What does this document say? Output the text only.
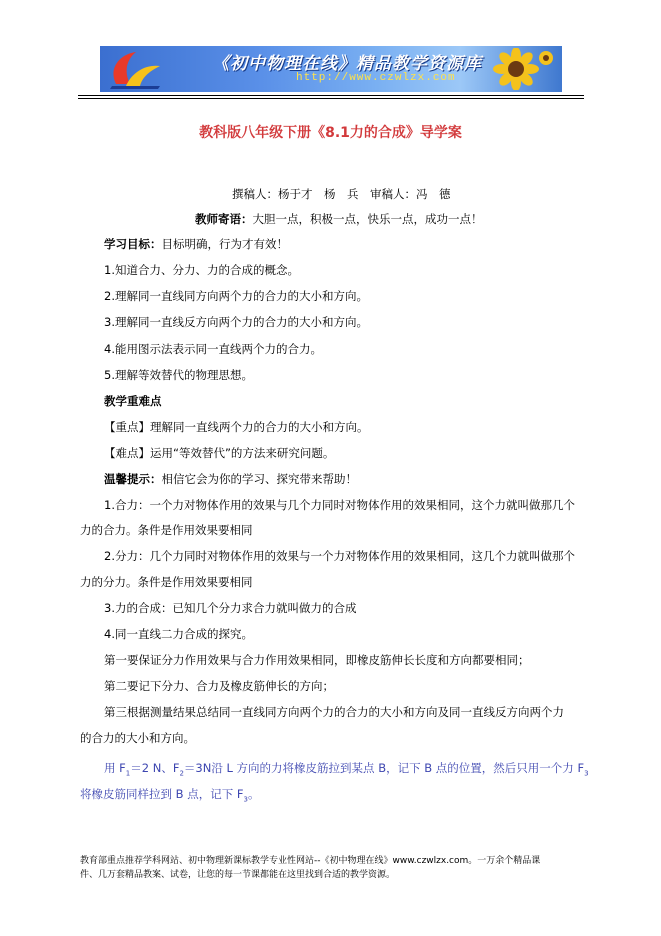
《初中物理在线》精品教学资源库
http://www.czwlzx.com
教科版八年级下册《8.1力的合成》导学案
撰稿人：杨于才　杨　兵　审稿人：冯　德
教师寄语：大胆一点，积极一点，快乐一点，成功一点！
学习目标：目标明确，行为才有效！
1.知道合力、分力、力的合成的概念。
2.理解同一直线同方向两个力的合力的大小和方向。
3.理解同一直线反方向两个力的合力的大小和方向。
4.能用图示法表示同一直线两个力的合力。
5.理解等效替代的物理思想。
教学重难点
【重点】理解同一直线两个力的合力的大小和方向。
【难点】运用“等效替代”的方法来研究问题。
温馨提示：相信它会为你的学习、探究带来帮助！
1.合力：一个力对物体作用的效果与几个力同时对物体作用的效果相同，这个力就叫做那几个
力的合力。条件是作用效果要相同
2.分力：几个力同时对物体作用的效果与一个力对物体作用的效果相同，这几个力就叫做那个
力的分力。条件是作用效果要相同
3.力的合成：已知几个分力求合力就叫做力的合成
4.同一直线二力合成的探究。
第一要保证分力作用效果与合力作用效果相同，即橡皮筋伸长长度和方向都要相同；
第二要记下分力、合力及橡皮筋伸长的方向；
第三根据测量结果总结同一直线同方向两个力的合力的大小和方向及同一直线反方向两个力
的合力的大小和方向。
用 $F_1=2$ N、$F_2=3N$沿 L 方向的力将橡皮筋拉到某点 B，记下 B 点的位置，然后只用一个力 $F_3$
将橡皮筋同样拉到 B 点，记下 $F_3$。
教育部重点推荐学科网站、初中物理新课标教学专业性网站--《初中物理在线》www.czwlzx.com。一万余个精品课
件、几万套精品教案、试卷，让您的每一节课都能在这里找到合适的教学资源。
